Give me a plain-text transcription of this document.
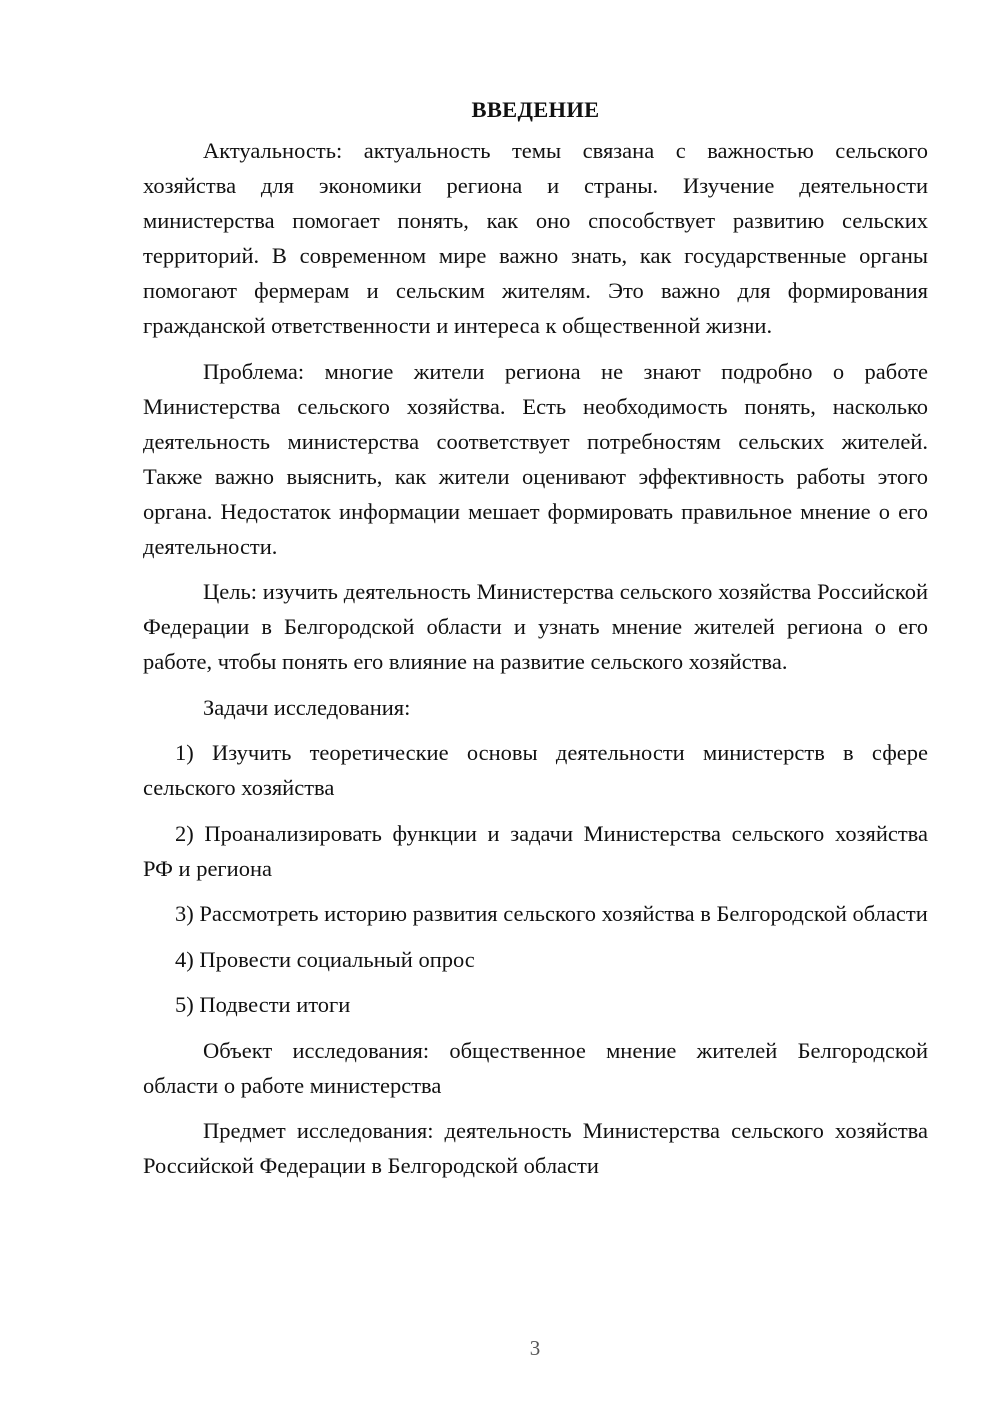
ВВЕДЕНИЕ

Актуальность: актуальность темы связана с важностью сельского хозяйства для экономики региона и страны. Изучение деятельности министерства помогает понять, как оно способствует развитию сельских территорий. В современном мире важно знать, как государственные органы помогают фермерам и сельским жителям. Это важно для формирования гражданской ответственности и интереса к общественной жизни.

Проблема: многие жители региона не знают подробно о работе Министерства сельского хозяйства. Есть необходимость понять, насколько деятельность министерства соответствует потребностям сельских жителей. Также важно выяснить, как жители оценивают эффективность работы этого органа. Недостаток информации мешает формировать правильное мнение о его деятельности.

Цель: изучить деятельность Министерства сельского хозяйства Российской Федерации в Белгородской области и узнать мнение жителей региона о его работе, чтобы понять его влияние на развитие сельского хозяйства.

Задачи исследования:

1) Изучить теоретические основы деятельности министерств в сфере сельского хозяйства

2) Проанализировать функции и задачи Министерства сельского хозяйства РФ и региона

3) Рассмотреть историю развития сельского хозяйства в Белгородской области

4) Провести социальный опрос

5) Подвести итоги

Объект исследования: общественное мнение жителей Белгородской области о работе министерства

Предмет исследования: деятельность Министерства сельского хозяйства Российской Федерации в Белгородской области

3
